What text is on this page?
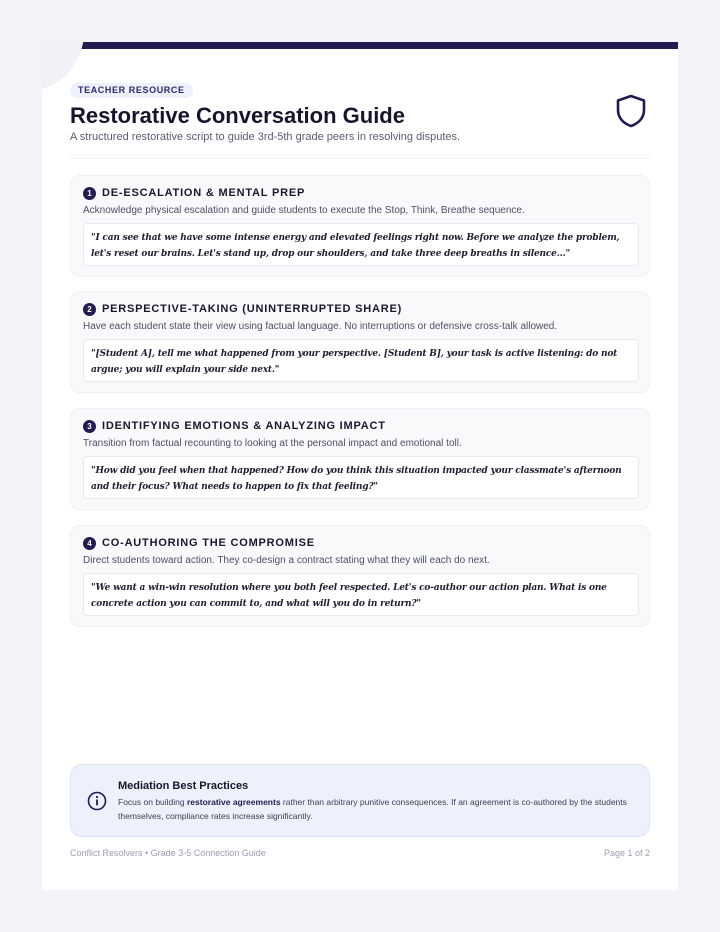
TEACHER RESOURCE
Restorative Conversation Guide

A structured restorative script to guide 3rd-5th grade peers in resolving disputes.

1 DE-ESCALATION & MENTAL PREP
Acknowledge physical escalation and guide students to execute the Stop, Think, Breathe sequence.
"I can see that we have some intense energy and elevated feelings right now. Before we analyze the problem, let's reset our brains. Let's stand up, drop our shoulders, and take three deep breaths in silence..."
2 PERSPECTIVE-TAKING (UNINTERRUPTED SHARE)
Have each student state their view using factual language. No interruptions or defensive cross-talk allowed.
"[Student A], tell me what happened from your perspective. [Student B], your task is active listening: do not argue; you will explain your side next."
3 IDENTIFYING EMOTIONS & ANALYZING IMPACT
Transition from factual recounting to looking at the personal impact and emotional toll.
"How did you feel when that happened? How do you think this situation impacted your classmate's afternoon and their focus? What needs to happen to fix that feeling?"
4 CO-AUTHORING THE COMPROMISE
Direct students toward action. They co-design a contract stating what they will each do next.
"We want a win-win resolution where you both feel respected. Let's co-author our action plan. What is one concrete action you can commit to, and what will you do in return?"
Mediation Best Practices

Focus on building restorative agreements rather than arbitrary punitive consequences. If an agreement is co-authored by the students themselves, compliance rates increase significantly.

Conflict Resolvers • Grade 3-5 Connection Guide	Page 1 of 2
